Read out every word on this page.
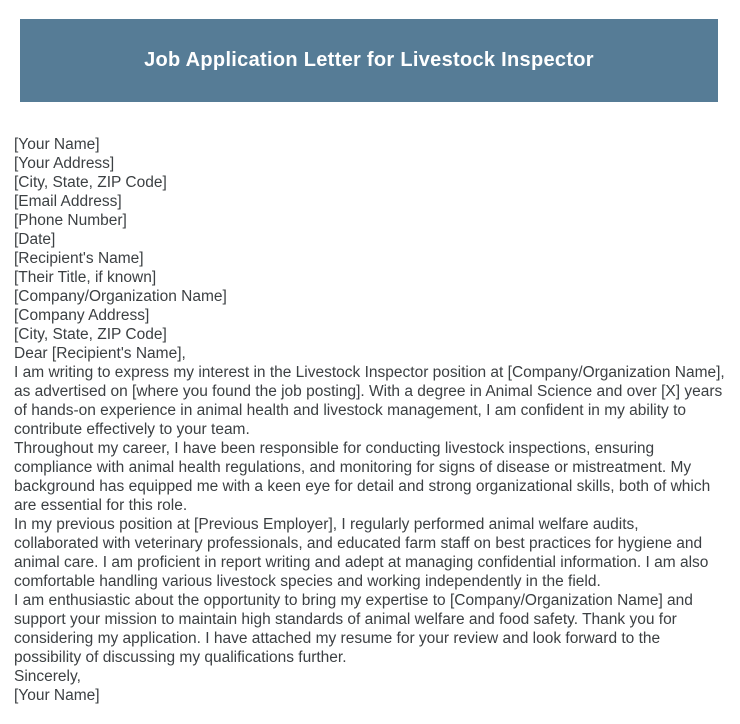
Job Application Letter for Livestock Inspector
[Your Name]
[Your Address]
[City, State, ZIP Code]
[Email Address]
[Phone Number]
[Date]
[Recipient's Name]
[Their Title, if known]
[Company/Organization Name]
[Company Address]
[City, State, ZIP Code]
Dear [Recipient's Name],
I am writing to express my interest in the Livestock Inspector position at [Company/Organization Name], as advertised on [where you found the job posting]. With a degree in Animal Science and over [X] years of hands-on experience in animal health and livestock management, I am confident in my ability to contribute effectively to your team.
Throughout my career, I have been responsible for conducting livestock inspections, ensuring compliance with animal health regulations, and monitoring for signs of disease or mistreatment. My background has equipped me with a keen eye for detail and strong organizational skills, both of which are essential for this role.
In my previous position at [Previous Employer], I regularly performed animal welfare audits, collaborated with veterinary professionals, and educated farm staff on best practices for hygiene and animal care. I am proficient in report writing and adept at managing confidential information. I am also comfortable handling various livestock species and working independently in the field.
I am enthusiastic about the opportunity to bring my expertise to [Company/Organization Name] and support your mission to maintain high standards of animal welfare and food safety. Thank you for considering my application. I have attached my resume for your review and look forward to the possibility of discussing my qualifications further.
Sincerely,
[Your Name]
